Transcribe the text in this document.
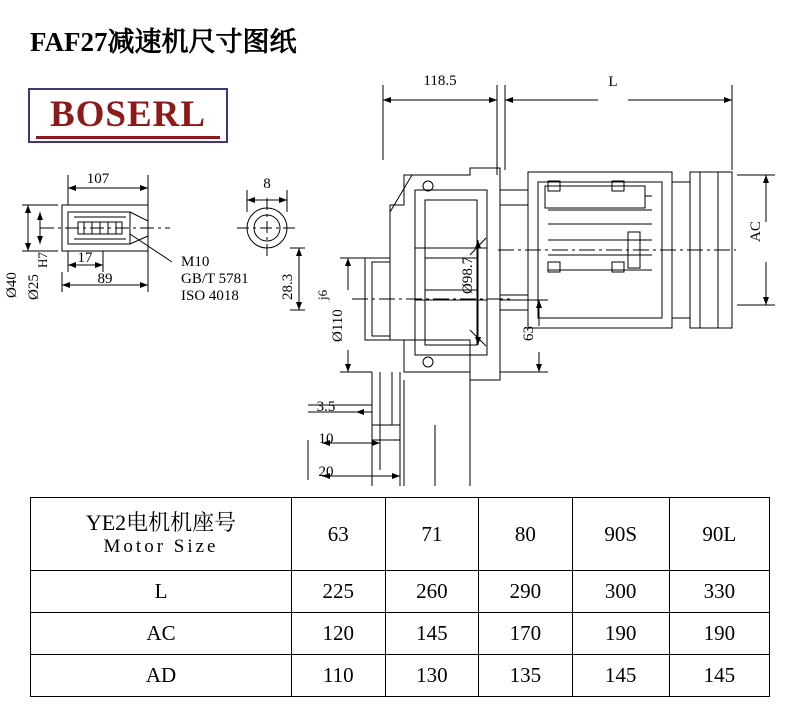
FAF27减速机尺寸图纸
BOSERL
107	8
17
89
Ø40 Ø25
H7
28.3
M10
GB/T 5781
ISO 4018
118.5	L
AC
Ø98.7
Ø110
j6
63
3.5
10
20
YE2电机机座号
Motor Size	63	71	80	90S	90L
L	225	260	290	300	330
AC	120	145	170	190	190
AD	110	130	135	145	145
